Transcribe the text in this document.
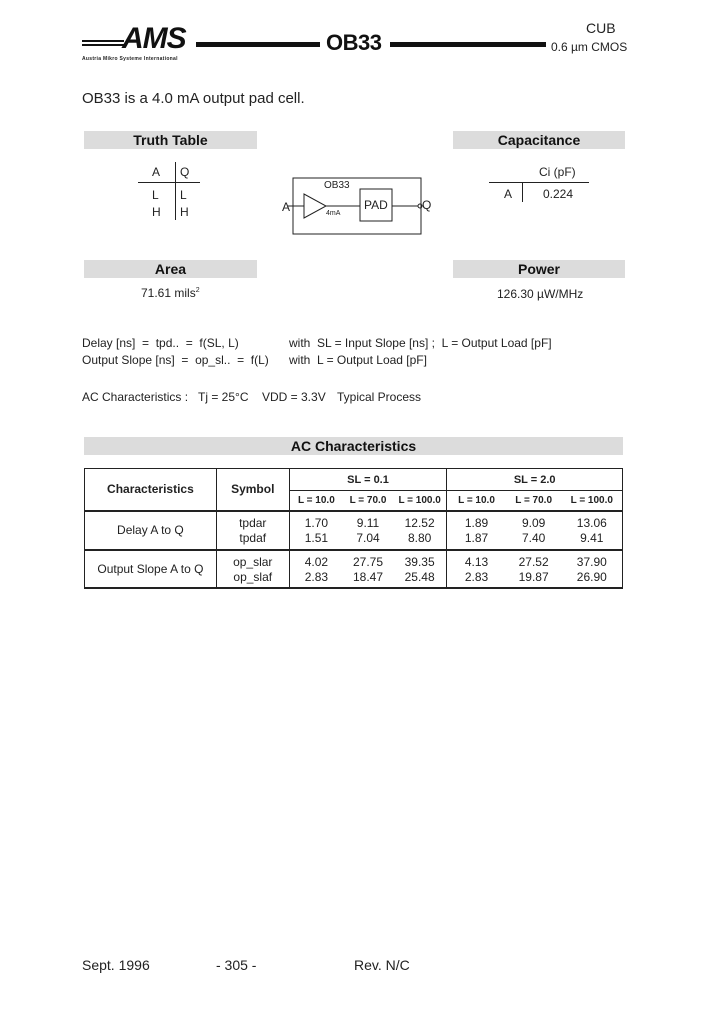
AMS
Austria Mikro Systeme International
OB33
CUB
0.6 µm CMOS
OB33 is a 4.0 mA output pad cell.
Truth Table
A Q
L L
H H
OB33
A	PAD	Q
4mA
Capacitance
Ci (pF)
A	0.224
Area
71.61 mils$^2$
Power
126.30 µW/MHz
Delay [ns]  =  tpd..  =  f(SL, L)	with  SL = Input Slope [ns] ;  L = Output Load [pF]
Output Slope [ns]  =  op_sl..  =  f(L) with  L = Output Load [pF]
AC Characteristics : Tj = 25°C VDD = 3.3V Typical Process
AC Characteristics
Characteristics	Symbol	SL = 0.1			SL = 2.0		
		L = 10.0	L = 70.0	L = 100.0	L = 10.0	L = 70.0	L = 100.0
Delay A to Q	tpdar	1.70	9.11	12.52	1.89	9.09	13.06
	tpdaf	1.51	7.04	8.80	1.87	7.40	9.41
Output Slope A to Q	op_slar	4.02	27.75	39.35	4.13	27.52	37.90
	op_slaf	2.83	18.47	25.48	2.83	19.87	26.90
Sept. 1996	- 305 -	Rev. N/C
